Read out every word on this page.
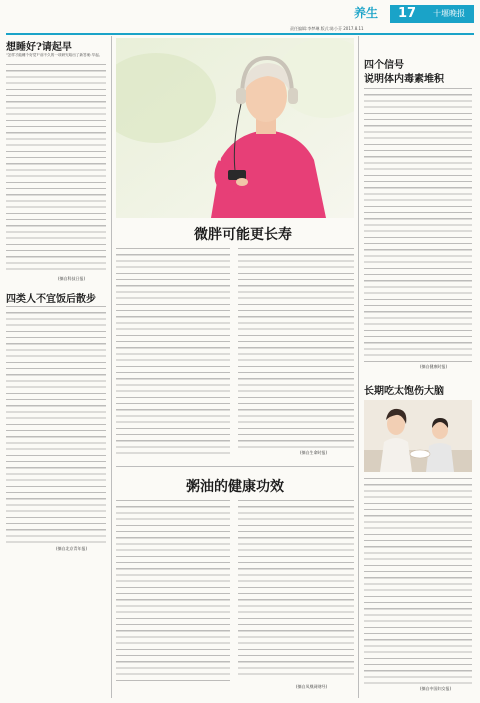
养生	17	十堰晚报
责任编辑:李梦琳 版式:陈小芬 2017.8.11
想睡好?请起早
"怎样才能睡个好觉?"前不久的一项研究给出了新答案:早起。
(摘自科技日报)
四类人不宜饭后散步
(摘自北京青年报)
微胖可能更长寿
(摘自生命时报)
粥油的健康功效
(摘自凤凰网财经)
四个信号
说明体内毒素堆积
(摘自健康时报)
长期吃太饱伤大脑
(摘自中国妇女报)
